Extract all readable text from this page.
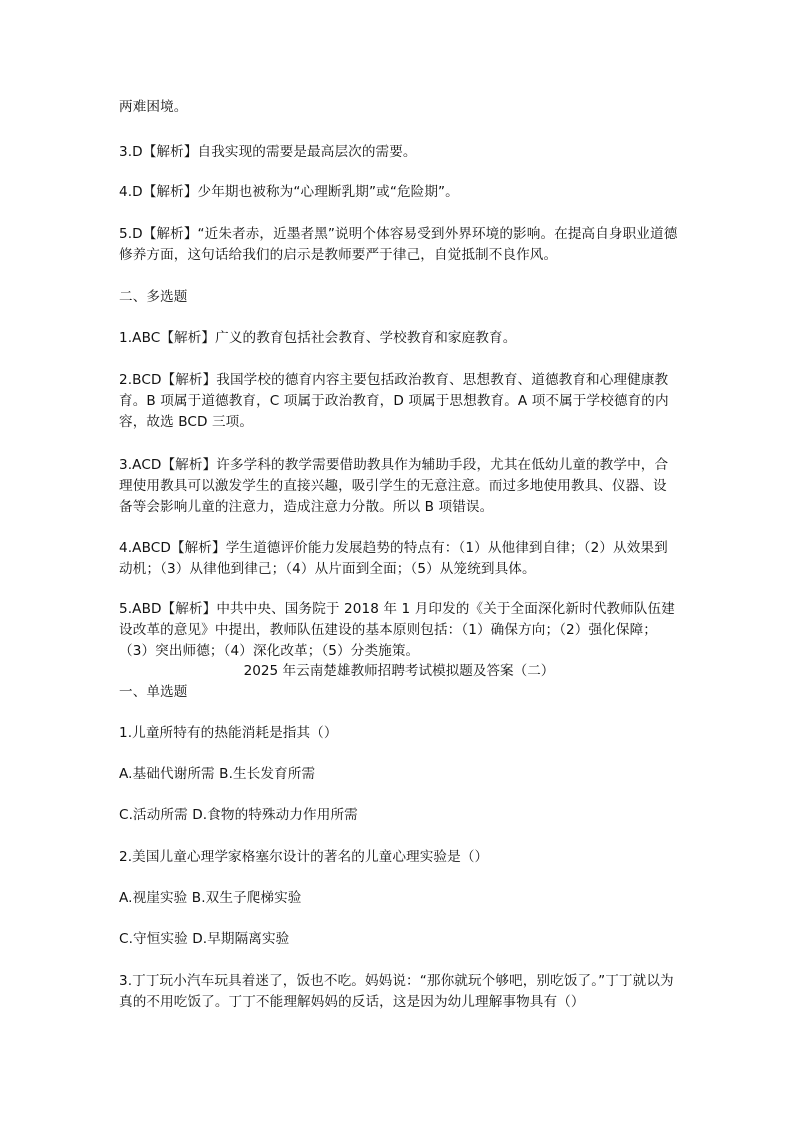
两难困境。
3.D【解析】自我实现的需要是最高层次的需要。
4.D【解析】少年期也被称为“心理断乳期”或“危险期”。
5.D【解析】“近朱者赤，近墨者黑”说明个体容易受到外界环境的影响。在提高自身职业道德修养方面，这句话给我们的启示是教师要严于律己，自觉抵制不良作风。
二、多选题
1.ABC【解析】广义的教育包括社会教育、学校教育和家庭教育。
2.BCD【解析】我国学校的德育内容主要包括政治教育、思想教育、道德教育和心理健康教育。B 项属于道德教育，C 项属于政治教育，D 项属于思想教育。A 项不属于学校德育的内容，故选 BCD 三项。
3.ACD【解析】许多学科的教学需要借助教具作为辅助手段，尤其在低幼儿童的教学中，合理使用教具可以激发学生的直接兴趣，吸引学生的无意注意。而过多地使用教具、仪器、设备等会影响儿童的注意力，造成注意力分散。所以 B 项错误。
4.ABCD【解析】学生道德评价能力发展趋势的特点有：（1）从他律到自律；（2）从效果到动机；（3）从律他到律己；（4）从片面到全面；（5）从笼统到具体。
5.ABD【解析】中共中央、国务院于 2018 年 1 月印发的《关于全面深化新时代教师队伍建设改革的意见》中提出，教师队伍建设的基本原则包括：（1）确保方向；（2）强化保障；（3）突出师德；（4）深化改革；（5）分类施策。
2025 年云南楚雄教师招聘考试模拟题及答案（二）
一、单选题
1.儿童所特有的热能消耗是指其（）
A.基础代谢所需 B.生长发育所需
C.活动所需 D.食物的特殊动力作用所需
2.美国儿童心理学家格塞尔设计的著名的儿童心理实验是（）
A.视崖实验 B.双生子爬梯实验
C.守恒实验 D.早期隔离实验
3.丁丁玩小汽车玩具着迷了，饭也不吃。妈妈说：“那你就玩个够吧，别吃饭了。”丁丁就以为真的不用吃饭了。丁丁不能理解妈妈的反话，这是因为幼儿理解事物具有（）
